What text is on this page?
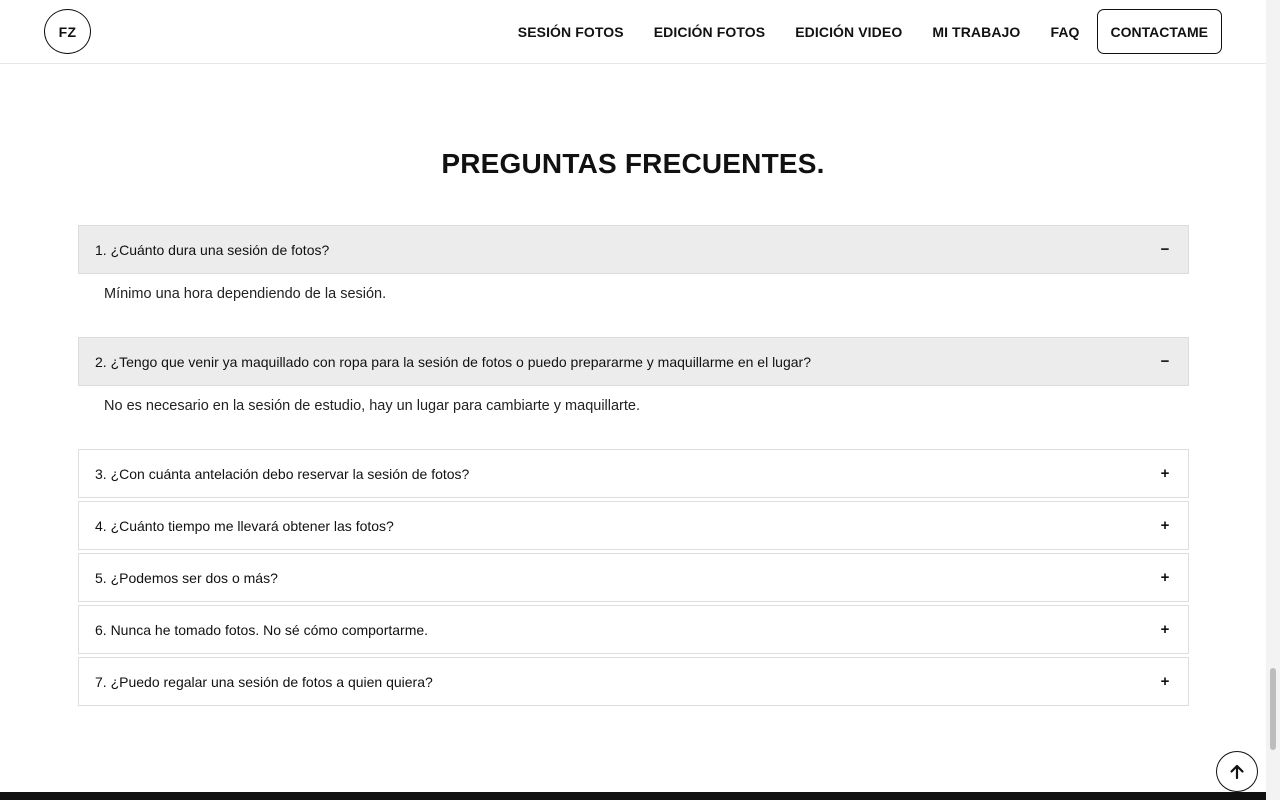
FZ	SESIÓN FOTOS EDICIÓN FOTOS EDICIÓN VIDEO MI TRABAJO FAQ	CONTACTAME
PREGUNTAS FRECUENTES.
1. ¿Cuánto dura una sesión de fotos?	−
Mínimo una hora dependiendo de la sesión.
2. ¿Tengo que venir ya maquillado con ropa para la sesión de fotos o puedo prepararme y maquillarme en el lugar?	−
No es necesario en la sesión de estudio, hay un lugar para cambiarte y maquillarte.
3. ¿Con cuánta antelación debo reservar la sesión de fotos?	+
4. ¿Cuánto tiempo me llevará obtener las fotos?	+
5. ¿Podemos ser dos o más?	+
6. Nunca he tomado fotos. No sé cómo comportarme.	+
7. ¿Puedo regalar una sesión de fotos a quien quiera?	+
